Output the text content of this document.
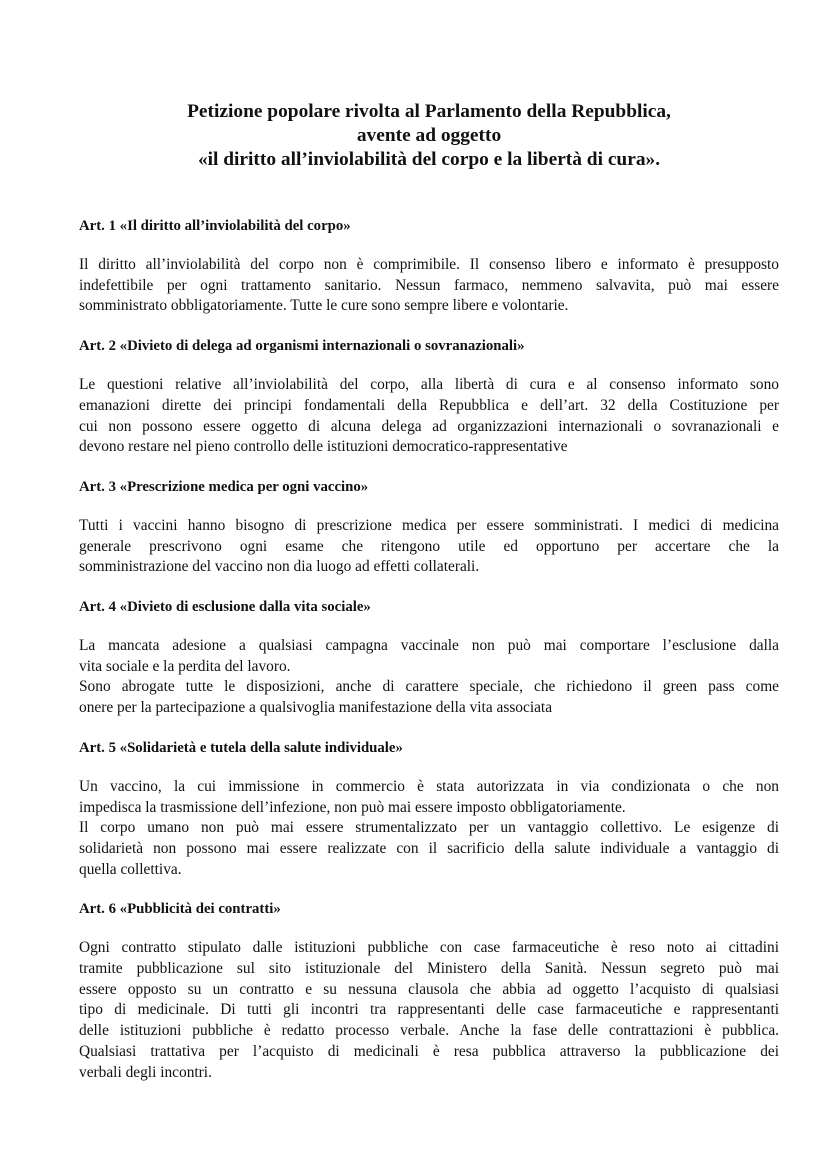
Petizione popolare rivolta al Parlamento della Repubblica,
avente ad oggetto
«il diritto all’inviolabilità del corpo e la libertà di cura».
Art. 1 «Il diritto all’inviolabilità del corpo»

Il diritto all’inviolabilità del corpo non è comprimibile. Il consenso libero e informato è presupposto
indefettibile per ogni trattamento sanitario. Nessun farmaco, nemmeno salvavita, può mai essere
somministrato obbligatoriamente. Tutte le cure sono sempre libere e volontarie.

Art. 2 «Divieto di delega ad organismi internazionali o sovranazionali»

Le questioni relative all’inviolabilità del corpo, alla libertà di cura e al consenso informato sono
emanazioni dirette dei principi fondamentali della Repubblica e dell’art. 32 della Costituzione per
cui non possono essere oggetto di alcuna delega ad organizzazioni internazionali o sovranazionali e
devono restare nel pieno controllo delle istituzioni democratico-rappresentative

Art. 3 «Prescrizione medica per ogni vaccino»

Tutti i vaccini hanno bisogno di prescrizione medica per essere somministrati. I medici di medicina
generale prescrivono ogni esame che ritengono utile ed opportuno per accertare che la
somministrazione del vaccino non dia luogo ad effetti collaterali.

Art. 4 «Divieto di esclusione dalla vita sociale»

La mancata adesione a qualsiasi campagna vaccinale non può mai comportare l’esclusione dalla
vita sociale e la perdita del lavoro.

Sono abrogate tutte le disposizioni, anche di carattere speciale, che richiedono il green pass come
onere per la partecipazione a qualsivoglia manifestazione della vita associata

Art. 5 «Solidarietà e tutela della salute individuale»

Un vaccino, la cui immissione in commercio è stata autorizzata in via condizionata o che non
impedisca la trasmissione dell’infezione, non può mai essere imposto obbligatoriamente.

Il corpo umano non può mai essere strumentalizzato per un vantaggio collettivo. Le esigenze di
solidarietà non possono mai essere realizzate con il sacrificio della salute individuale a vantaggio di
quella collettiva.

Art. 6 «Pubblicità dei contratti»

Ogni contratto stipulato dalle istituzioni pubbliche con case farmaceutiche è reso noto ai cittadini
tramite pubblicazione sul sito istituzionale del Ministero della Sanità. Nessun segreto può mai
essere opposto su un contratto e su nessuna clausola che abbia ad oggetto l’acquisto di qualsiasi
tipo di medicinale. Di tutti gli incontri tra rappresentanti delle case farmaceutiche e rappresentanti
delle istituzioni pubbliche è redatto processo verbale. Anche la fase delle contrattazioni è pubblica.
Qualsiasi trattativa per l’acquisto di medicinali è resa pubblica attraverso la pubblicazione dei
verbali degli incontri.
